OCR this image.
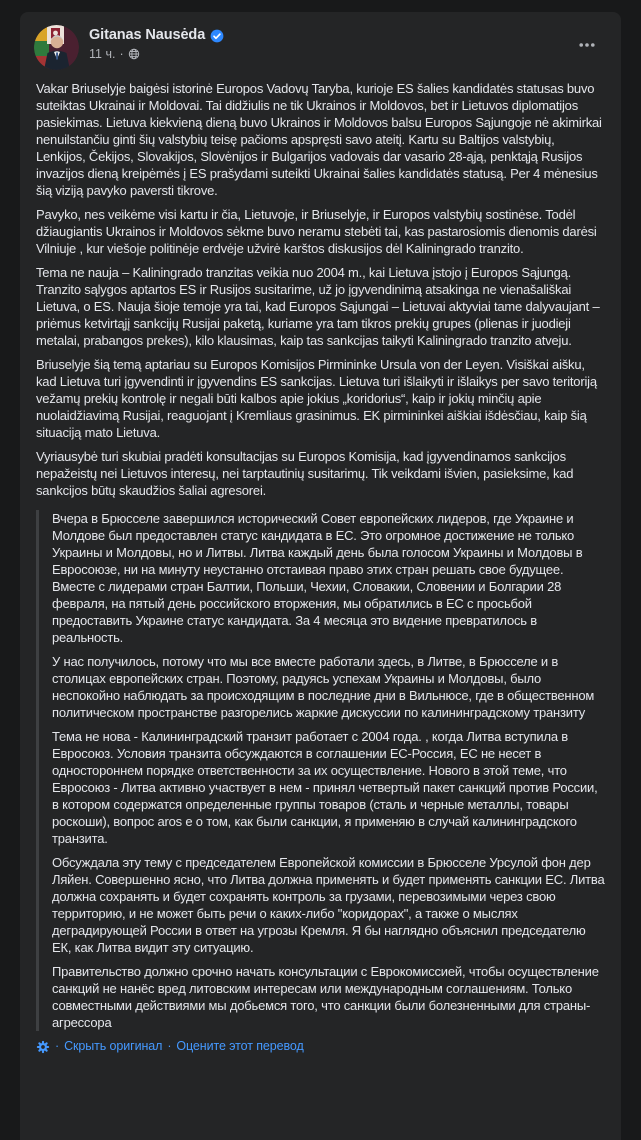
Gitanas Nausėda
11 ч. ·

Vakar Briuselyje baigėsi istorinė Europos Vadovų Taryba, kurioje ES šalies kandidatės statusas buvo suteiktas Ukrainai ir Moldovai. Tai didžiulis ne tik Ukrainos ir Moldovos, bet ir Lietuvos diplomatijos pasiekimas. Lietuva kiekvieną dieną buvo Ukrainos ir Moldovos balsu Europos Sąjungoje nė akimirkai nenuilstančiu ginti šių valstybių teisę pačioms apspręsti savo ateitį. Kartu su Baltijos valstybių, Lenkijos, Čekijos, Slovakijos, Slovėnijos ir Bulgarijos vadovais dar vasario 28-ąją, penktąją Rusijos invazijos dieną kreipėmės į ES prašydami suteikti Ukrainai šalies kandidatės statusą. Per 4 mėnesius šią viziją pavyko paversti tikrove.

Pavyko, nes veikėme visi kartu ir čia, Lietuvoje, ir Briuselyje, ir Europos valstybių sostinėse. Todėl džiaugiantis Ukrainos ir Moldovos sėkme buvo neramu stebėti tai, kas pastarosiomis dienomis darėsi Vilniuje , kur viešoje politinėje erdvėje užvirė karštos diskusijos dėl Kaliningrado tranzito.

Tema ne nauja – Kaliningrado tranzitas veikia nuo 2004 m., kai Lietuva įstojo į Europos Sąjungą. Tranzito sąlygos aptartos ES ir Rusijos susitarime, už jo įgyvendinimą atsakinga ne vienašališkai Lietuva, o ES. Nauja šioje temoje yra tai, kad Europos Sąjungai – Lietuvai aktyviai tame dalyvaujant – priėmus ketvirtąjį sankcijų Rusijai paketą, kuriame yra tam tikros prekių grupes (plienas ir juodieji metalai, prabangos prekes), kilo klausimas, kaip tas sankcijas taikyti Kaliningrado tranzito atveju.

Briuselyje šią temą aptariau su Europos Komisijos Pirmininke Ursula von der Leyen. Visiškai aišku, kad Lietuva turi įgyvendinti ir įgyvendins ES sankcijas. Lietuva turi išlaikyti ir išlaikys per savo teritoriją vežamų prekių kontrolę ir negali būti kalbos apie jokius „koridorius“, kaip ir jokių minčių apie nuolaidžiavimą Rusijai, reaguojant į Kremliaus grasinimus. EK pirmininkei aiškiai išdėsčiau, kaip šią situaciją mato Lietuva.

Vyriausybė turi skubiai pradėti konsultacijas su Europos Komisija, kad įgyvendinamos sankcijos nepažeistų nei Lietuvos interesų, nei tarptautinių susitarimų. Tik veikdami išvien, pasieksime, kad sankcijos būtų skaudžios šaliai agresorei.

Вчера в Брюсселе завершился исторический Совет европейских лидеров, где Украине и Молдове был предоставлен статус кандидата в ЕС. Это огромное достижение не только Украины и Молдовы, но и Литвы. Литва каждый день была голосом Украины и Молдовы в Евросоюзе, ни на минуту неустанно отстаивая право этих стран решать свое будущее. Вместе с лидерами стран Балтии, Польши, Чехии, Словакии, Словении и Болгарии 28 февраля, на пятый день российского вторжения, мы обратились в ЕС с просьбой предоставить Украине статус кандидата. За 4 месяца это видение превратилось в реальность.

У нас получилось, потому что мы все вместе работали здесь, в Литве, в Брюсселе и в столицах европейских стран. Поэтому, радуясь успехам Украины и Молдовы, было неспокойно наблюдать за происходящим в последние дни в Вильнюсе, где в общественном политическом пространстве разгорелись жаркие дискуссии по калининградскому транзиту

Тема не нова - Калининградский транзит работает с 2004 года. , когда Литва вступила в Евросоюз. Условия транзита обсуждаются в соглашении ЕС-Россия, ЕС не несет в одностороннем порядке ответственности за их осуществление. Нового в этой теме, что Евросоюз - Литва активно участвует в нем - принял четвертый пакет санкций против России, в котором содержатся определенные группы товаров (сталь и черные металлы, товары роскоши), вопрос aros е о том, как были санкции, я применяю в случай калининградского транзита.

Обсуждала эту тему с председателем Европейской комиссии в Брюсселе Урсулой фон дер Ляйен. Совершенно ясно, что Литва должна применять и будет применять санкции ЕС. Литва должна сохранять и будет сохранять контроль за грузами, перевозимыми через свою территорию, и не может быть речи о каких-либо "коридорах", а также о мыслях деградирующей России в ответ на угрозы Кремля. Я бы наглядно объяснил председателю ЕК, как Литва видит эту ситуацию.

Правительство должно срочно начать консультации с Еврокомиссией, чтобы осуществление санкций не нанёс вред литовским интересам или международным соглашениям. Только совместными действиями мы добьемся того, что санкции были болезненными для страны-агрессора

· Скрыть оригинал · Оцените этот перевод
